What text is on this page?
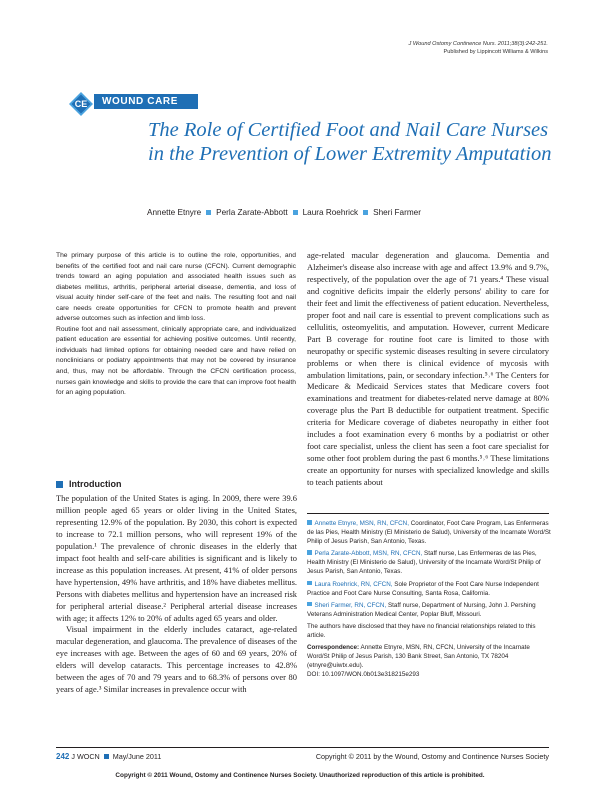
J Wound Ostomy Continence Nurs. 2011;38(3):242-251.
Published by Lippincott Williams & Wilkins
CE	WOUND CARE
The Role of Certified Foot and Nail Care Nurses in the Prevention of Lower Extremity Amputation
Annette Etnyre Perla Zarate-Abbott Laura Roehrick Sheri Farmer

The primary purpose of this article is to outline the role, opportunities, and benefits of the certified foot and nail care nurse (CFCN). Current demographic trends toward an aging population and associated health issues such as diabetes mellitus, arthritis, peripheral arterial disease, dementia, and loss of visual acuity hinder self-care of the feet and nails. The resulting foot and nail care needs create opportunities for CFCN to promote health and prevent adverse outcomes such as infection and limb loss.

Routine foot and nail assessment, clinically appropriate care, and individualized patient education are essential for achieving positive outcomes. Until recently, individuals had limited options for obtaining needed care and have relied on nonclinicians or podiatry appointments that may not be covered by insurance and, thus, may not be affordable. Through the CFCN certification process, nurses gain knowledge and skills to provide the care that can improve foot health for an aging population.

Introduction

The population of the United States is aging. In 2009, there were 39.6 million people aged 65 years or older living in the United States, representing 12.9% of the population. By 2030, this cohort is expected to increase to 72.1 million persons, who will represent 19% of the population.¹ The prevalence of chronic diseases in the elderly that impact foot health and self-care abilities is significant and is likely to increase as this population increases. At present, 41% of older persons have hypertension, 49% have arthritis, and 18% have diabetes mellitus. Persons with diabetes mellitus and hypertension have an increased risk for peripheral arterial disease.² Peripheral arterial disease increases with age; it affects 12% to 20% of adults aged 65 years and older.

Visual impairment in the elderly includes cataract, age-related macular degeneration, and glaucoma. The prevalence of diseases of the eye increases with age. Between the ages of 60 and 69 years, 20% of elders will develop cataracts. This percentage increases to 42.8% between the ages of 70 and 79 years and to 68.3% of persons over 80 years of age.³ Similar increases in prevalence occur with

age-related macular degeneration and glaucoma. Dementia and Alzheimer's disease also increase with age and affect 13.9% and 9.7%, respectively, of the population over the age of 71 years.⁴ These visual and cognitive deficits impair the elderly persons' ability to care for their feet and limit the effectiveness of patient education. Nevertheless, proper foot and nail care is essential to prevent complications such as cellulitis, osteomyelitis, and amputation. However, current Medicare Part B coverage for routine foot care is limited to those with neuropathy or specific systemic diseases resulting in severe circulatory problems or when there is clinical evidence of mycosis with ambulation limitations, pain, or secondary infection.⁵˒⁶ The Centers for Medicare & Medicaid Services states that Medicare covers foot examinations and treatment for diabetes-related nerve damage at 80% coverage plus the Part B deductible for outpatient treatment. Specific criteria for Medicare coverage of diabetes neuropathy in either foot includes a foot examination every 6 months by a podiatrist or other foot care specialist, unless the client has seen a foot care specialist for some other foot problem during the past 6 months.⁵˒⁶ These limitations create an opportunity for nurses with specialized knowledge and skills to teach patients about

Annette Etnyre, MSN, RN, CFCN, Coordinator, Foot Care Program, Las Enfermeras de las Pies, Health Ministry (El Ministerio de Salud), University of the Incarnate Word/St Philip of Jesus Parish, San Antonio, Texas.

Perla Zarate-Abbott, MSN, RN, CFCN, Staff nurse, Las Enfermeras de las Pies, Health Ministry (El Ministerio de Salud), University of the Incarnate Word/St Philip of Jesus Parish, San Antonio, Texas.

Laura Roehrick, RN, CFCN, Sole Proprietor of the Foot Care Nurse Independent Practice and Foot Care Nurse Consulting, Santa Rosa, California.

Sheri Farmer, RN, CFCN, Staff nurse, Department of Nursing, John J. Pershing Veterans Administration Medical Center, Poplar Bluff, Missouri.

The authors have disclosed that they have no financial relationships related to this article.

Correspondence: Annette Etnyre, MSN, RN, CFCN, University of the Incarnate Word/St Philip of Jesus Parish, 130 Bank Street, San Antonio, TX 78204 (etnyre@uiwtx.edu).

DOI: 10.1097/WON.0b013e318215e293

242 J WOCN May/June 2011	Copyright © 2011 by the Wound, Ostomy and Continence Nurses Society
Copyright © 2011 Wound, Ostomy and Continence Nurses Society. Unauthorized reproduction of this article is prohibited.
